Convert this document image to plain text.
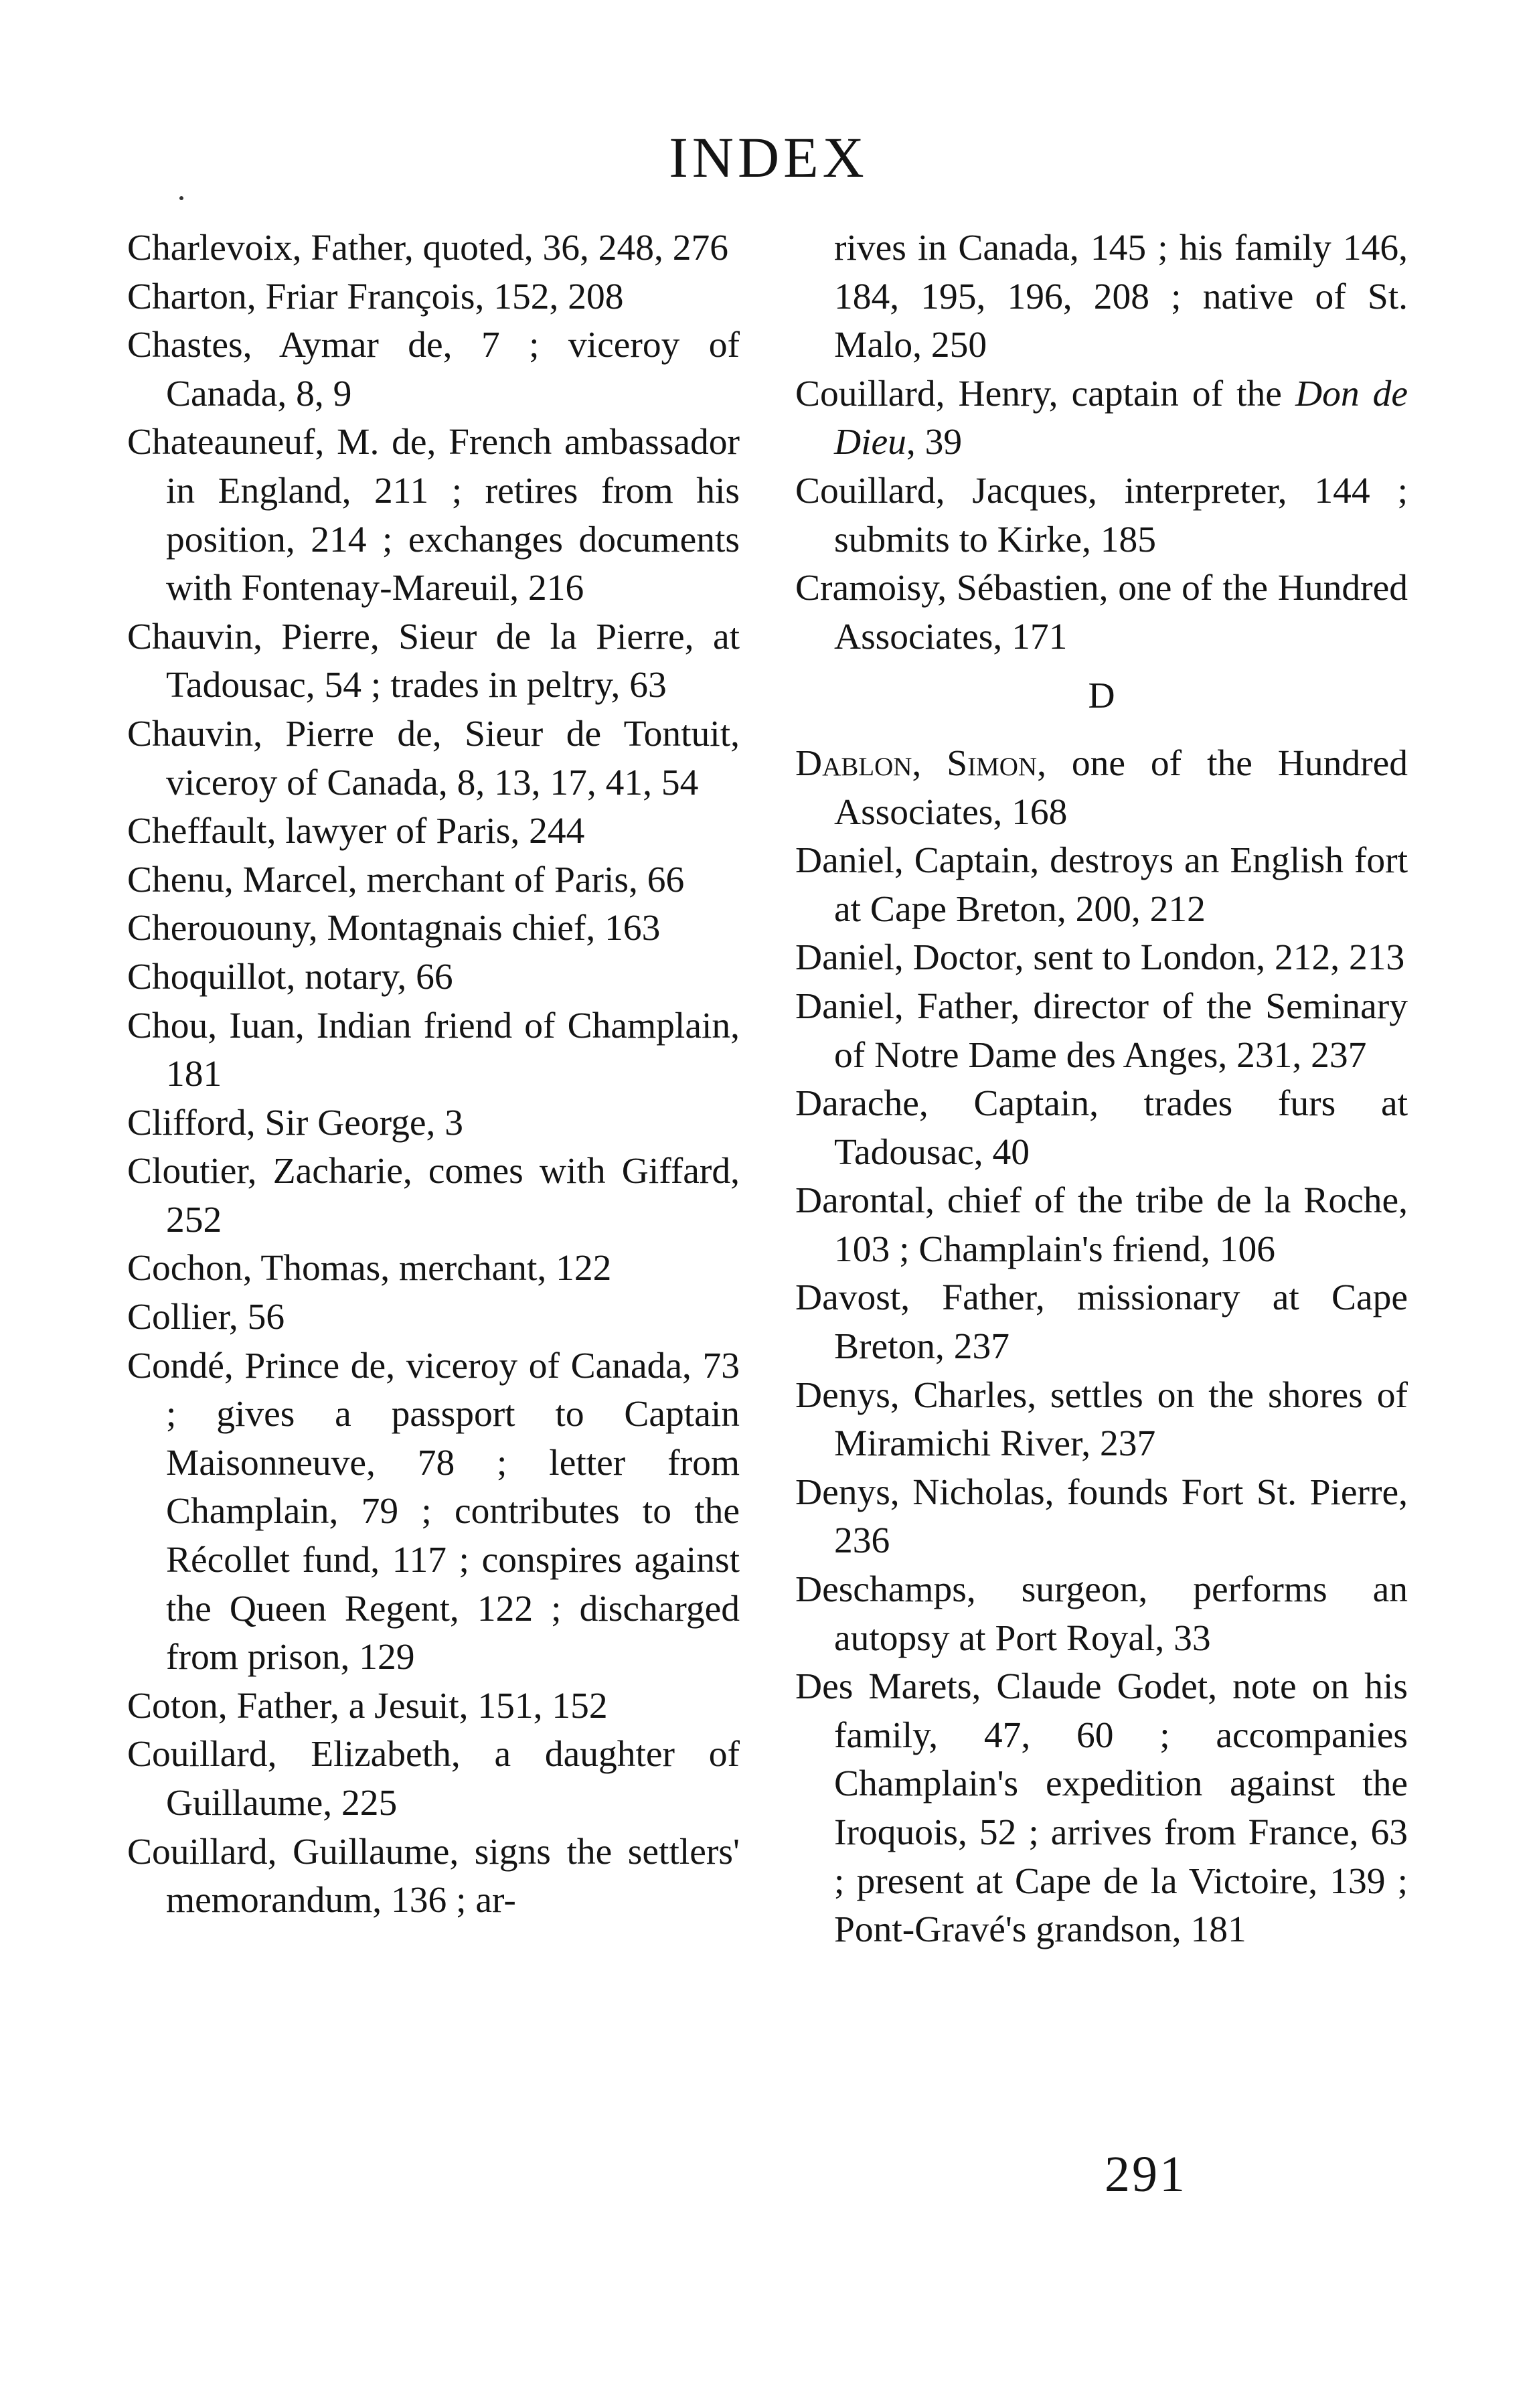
INDEX

Charlevoix, Father, quoted, 36, 248, 276

Charton, Friar François, 152, 208

Chastes, Aymar de, 7 ; viceroy of Canada, 8, 9

Chateauneuf, M. de, French ambassador in England, 211 ; retires from his position, 214 ; exchanges documents with Fontenay-Mareuil, 216

Chauvin, Pierre, Sieur de la Pierre, at Tadousac, 54 ; trades in peltry, 63

Chauvin, Pierre de, Sieur de Tontuit, viceroy of Canada, 8, 13, 17, 41, 54

Cheffault, lawyer of Paris, 244

Chenu, Marcel, merchant of Paris, 66

Cherououny, Montagnais chief, 163

Choquillot, notary, 66

Chou, Iuan, Indian friend of Champlain, 181

Clifford, Sir George, 3

Cloutier, Zacharie, comes with Giffard, 252

Cochon, Thomas, merchant, 122

Collier, 56

Condé, Prince de, viceroy of Canada, 73 ; gives a passport to Captain Maisonneuve, 78 ; letter from Champlain, 79 ; contributes to the Récollet fund, 117 ; conspires against the Queen Regent, 122 ; discharged from prison, 129

Coton, Father, a Jesuit, 151, 152

Couillard, Elizabeth, a daughter of Guillaume, 225

Couillard, Guillaume, signs the settlers' memorandum, 136 ; ar-

rives in Canada, 145 ; his family 146, 184, 195, 196, 208 ; native of St. Malo, 250

Couillard, Henry, captain of the Don de Dieu, 39

Couillard, Jacques, interpreter, 144 ; submits to Kirke, 185

Cramoisy, Sébastien, one of the Hundred Associates, 171

D

Dablon, Simon, one of the Hundred Associates, 168

Daniel, Captain, destroys an English fort at Cape Breton, 200, 212

Daniel, Doctor, sent to London, 212, 213

Daniel, Father, director of the Seminary of Notre Dame des Anges, 231, 237

Darache, Captain, trades furs at Tadousac, 40

Darontal, chief of the tribe de la Roche, 103 ; Champlain's friend, 106

Davost, Father, missionary at Cape Breton, 237

Denys, Charles, settles on the shores of Miramichi River, 237

Denys, Nicholas, founds Fort St. Pierre, 236

Deschamps, surgeon, performs an autopsy at Port Royal, 33

Des Marets, Claude Godet, note on his family, 47, 60 ; accompanies Champlain's expedition against the Iroquois, 52 ; arrives from France, 63 ; present at Cape de la Victoire, 139 ; Pont-Gravé's grandson, 181

291
